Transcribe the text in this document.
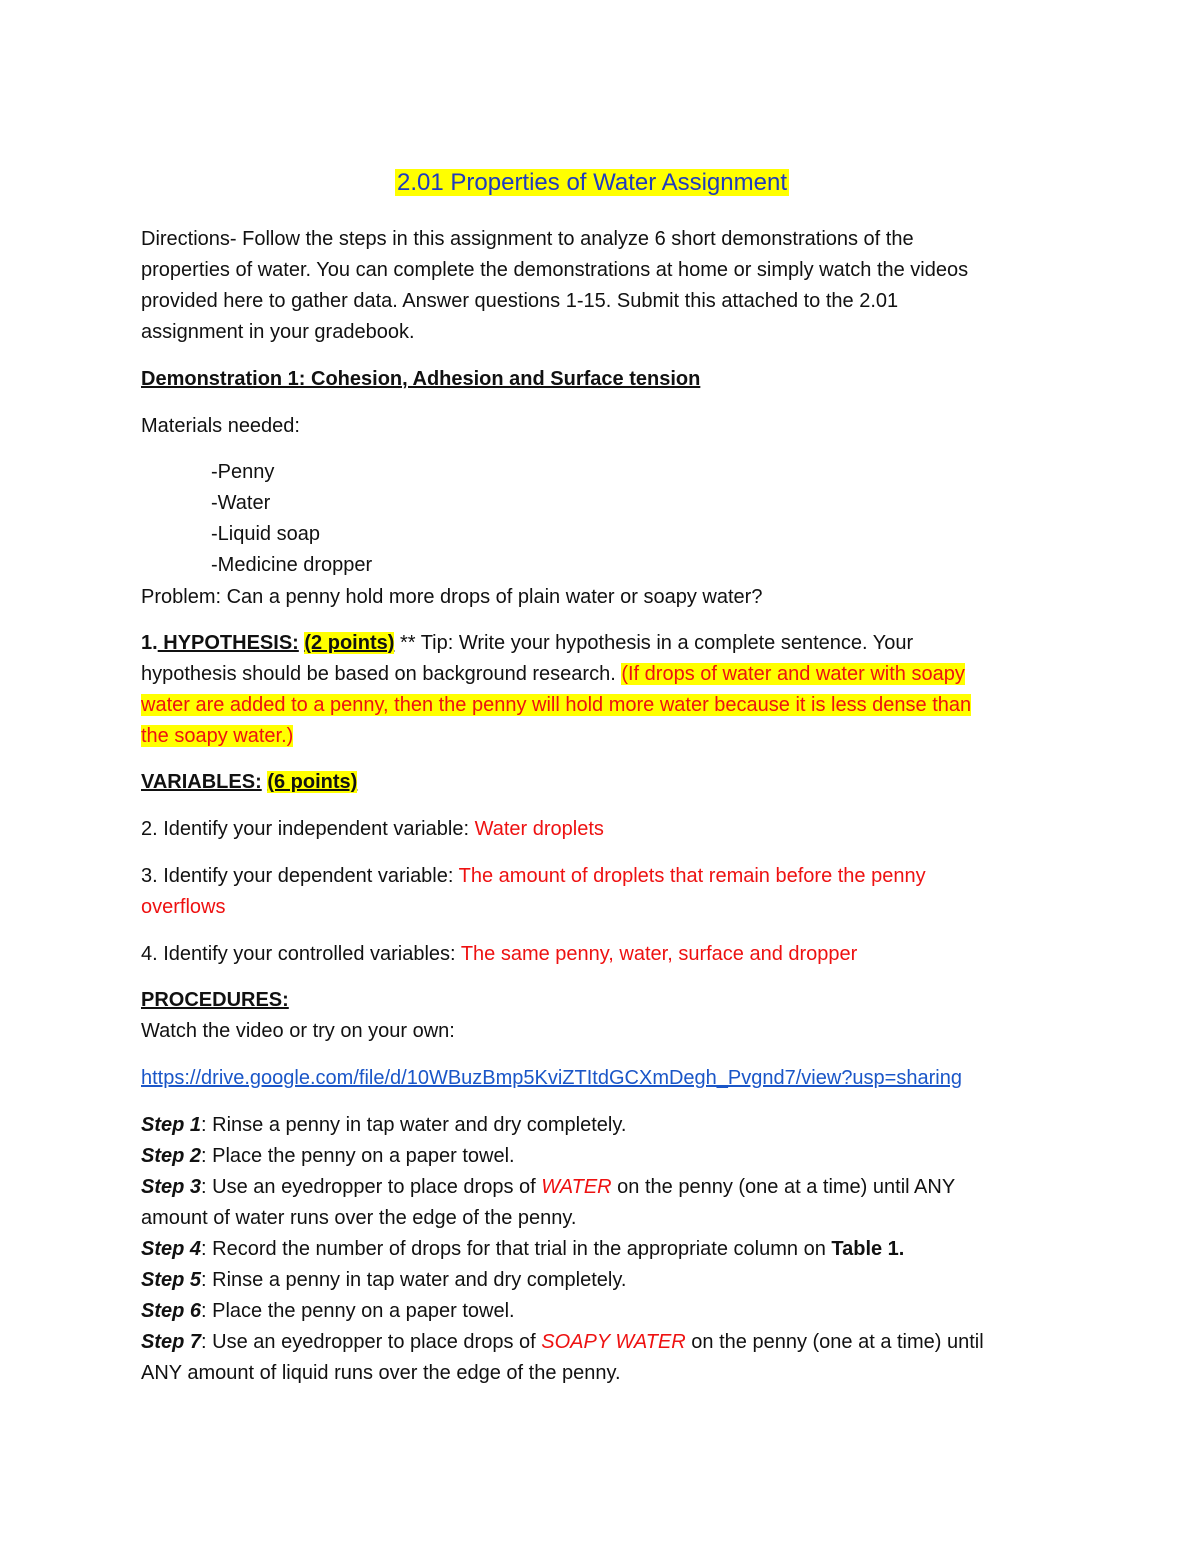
2.01 Properties of Water Assignment
Directions- Follow the steps in this assignment to analyze 6 short demonstrations of the
properties of water. You can complete the demonstrations at home or simply watch the videos
provided here to gather data. Answer questions 1-15. Submit this attached to the 2.01
assignment in your gradebook.
Demonstration 1: Cohesion, Adhesion and Surface tension
Materials needed:
-Penny
-Water
-Liquid soap
-Medicine dropper
Problem: Can a penny hold more drops of plain water or soapy water?
1. HYPOTHESIS: (2 points) ** Tip: Write your hypothesis in a complete sentence. Your
hypothesis should be based on background research. (If drops of water and water with soapy
water are added to a penny, then the penny will hold more water because it is less dense than
the soapy water.)
VARIABLES: (6 points)
2. Identify your independent variable: Water droplets
3. Identify your dependent variable: The amount of droplets that remain before the penny
overflows
4. Identify your controlled variables: The same penny, water, surface and dropper
PROCEDURES:
Watch the video or try on your own:
https://drive.google.com/file/d/10WBuzBmp5KviZTItdGCXmDegh_Pvgnd7/view?usp=sharing
Step 1: Rinse a penny in tap water and dry completely.
Step 2: Place the penny on a paper towel.
Step 3: Use an eyedropper to place drops of WATER on the penny (one at a time) until ANY
amount of water runs over the edge of the penny.
Step 4: Record the number of drops for that trial in the appropriate column on Table 1.
Step 5: Rinse a penny in tap water and dry completely.
Step 6: Place the penny on a paper towel.
Step 7: Use an eyedropper to place drops of SOAPY WATER on the penny (one at a time) until
ANY amount of liquid runs over the edge of the penny.
